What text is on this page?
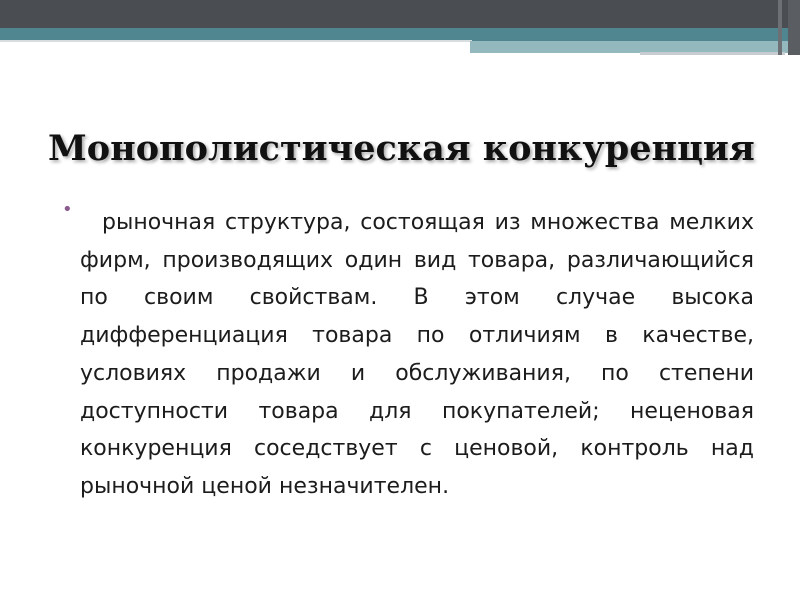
Монополистическая конкуренция
•

рыночная структура, состоящая из множества мелких фирм, производящих один вид товара, различающийся по своим свойствам. В этом случае высока дифференциация товара по отличиям в качестве, условиях продажи и обслуживания, по степени доступности товара для покупателей; неценовая конкуренция соседствует с ценовой, контроль над рыночной ценой незначителен.
